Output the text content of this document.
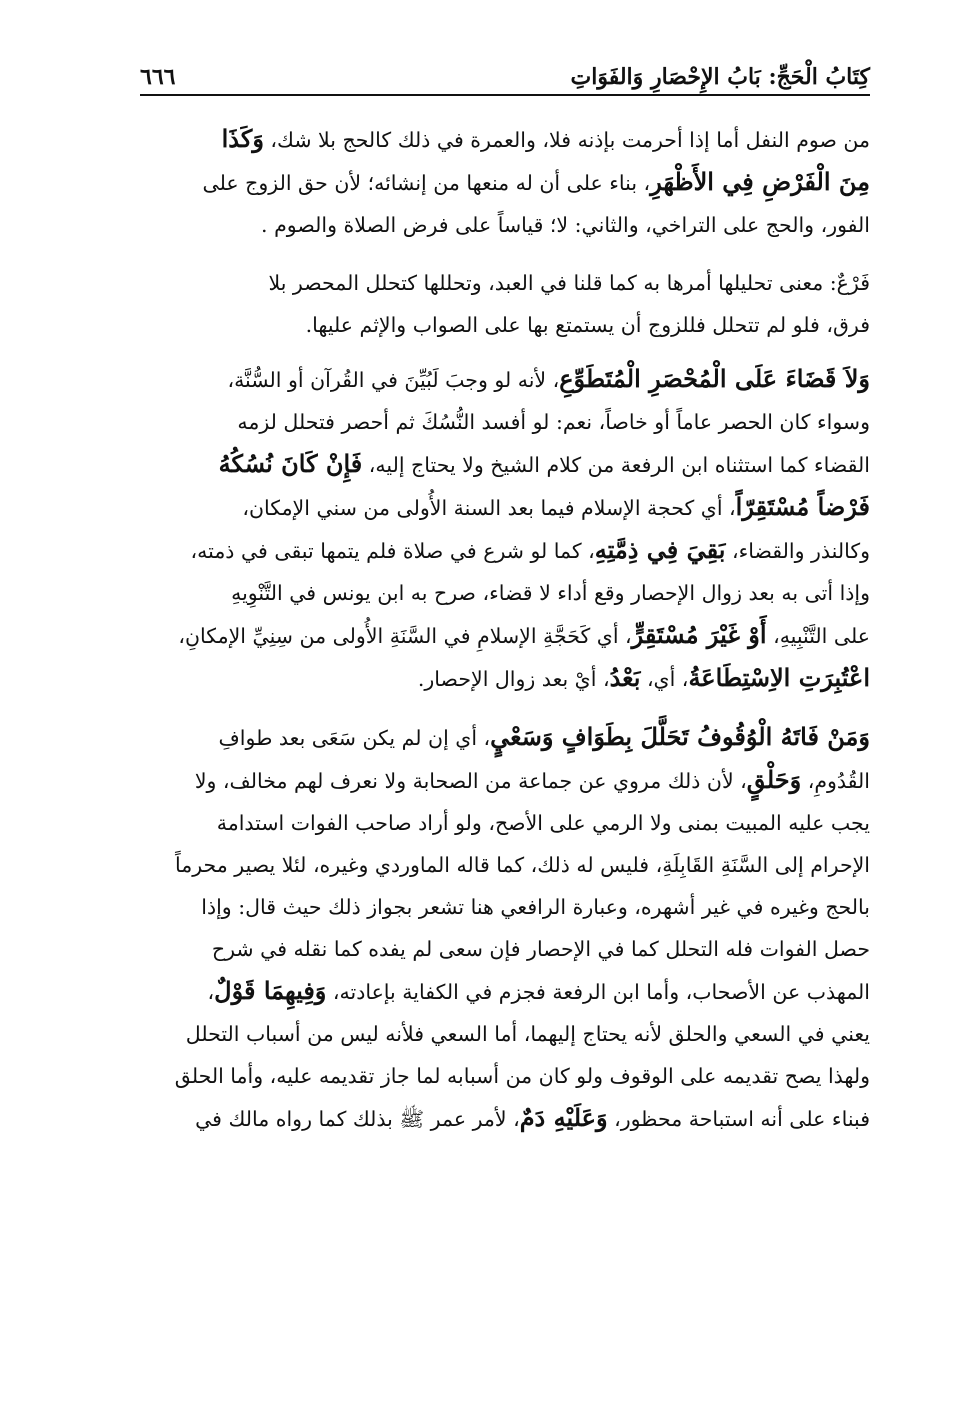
كِتَابُ الْحَجِّ: بَابُ الإِحْصَارِ وَالفَوَاتِ
٦٦٦

من صوم النفل أما إذا أحرمت بإذنه فلا، والعمرة في ذلك كالحج بلا شك، وَكَذَا
مِنَ الْفَرْضِ فِي الأَظْهَرِ، بناء على أن له منعها من إنشائه؛ لأن حق الزوج على
الفور، والحج على التراخي، والثاني: لا؛ قياساً على فرض الصلاة والصوم .

فَرْعٌ: معنى تحليلها أمرها به كما قلنا في العبد، وتحللها كتحلل المحصر بلا
فرق، فلو لم تتحلل فللزوج أن يستمتع بها على الصواب والإثم عليها.

وَلاَ قَضَاءَ عَلَى الْمُحْصَرِ الْمُتَطَوِّعِ، لأنه لو وجبَ لَبُيِّنَ في القُرآن أو السُّنَّة،
وسواء كان الحصر عاماً أو خاصاً، نعم: لو أفسد النُّسُكَ ثم أحصر فتحلل لزمه
القضاء كما استثناه ابن الرفعة من كلام الشيخ ولا يحتاج إليه، فَإِنْ كَانَ نُسُكُهُ
فَرْضاً مُسْتَقِرّاً، أي كحجة الإسلام فيما بعد السنة الأُولى من سني الإمكان،
وكالنذر والقضاء، بَقِيَ فِي ذِمَّتِهِ، كما لو شرع في صلاة فلم يتمها تبقى في ذمته،
وإذا أتى به بعد زوال الإحصار وقع أداء لا قضاء، صرح به ابن يونس في التَّنْوِيهِ
على التَّنْبِيهِ، أَوْ غَيْرَ مُسْتَقِرٍّ، أي كَحَجَّةِ الإسلامِ في السَّنَةِ الأُولى من سِنِيِّ الإمكانِ،
اعْتُبِرَتِ الاِسْتِطَاعَةُ، أي، بَعْدُ، أيْ بعد زوال الإحصار.

وَمَنْ فَاتَهُ الْوُقُوفُ تَحَلَّلَ بِطَوَافٍ وَسَعْيٍ، أي إن لم يكن سَعَى بعد طوافِ
القُدُومِ، وَحَلْقٍ، لأن ذلك مروي عن جماعة من الصحابة ولا نعرف لهم مخالف، ولا
يجب عليه المبيت بمنى ولا الرمي على الأصح، ولو أراد صاحب الفوات استدامة
الإحرام إلى السَّنَةِ القَابِلَةِ، فليس له ذلك، كما قاله الماوردي وغيره، لئلا يصير محرماً
بالحج وغيره في غير أشهره، وعبارة الرافعي هنا تشعر بجواز ذلك حيث قال: وإذا
حصل الفوات فله التحلل كما في الإحصار فإن سعى لم يفده كما نقله في شرح
المهذب عن الأصحاب، وأما ابن الرفعة فجزم في الكفاية بإعادته، وَفِيهِمَا قَوْلٌ،
يعني في السعي والحلق لأنه يحتاج إليهما، أما السعي فلأنه ليس من أسباب التحلل
ولهذا يصح تقديمه على الوقوف ولو كان من أسبابه لما جاز تقديمه عليه، وأما الحلق
فبناء على أنه استباحة محظور، وَعَلَيْهِ دَمٌ، لأمر عمر ﷺ بذلك كما رواه مالك في
